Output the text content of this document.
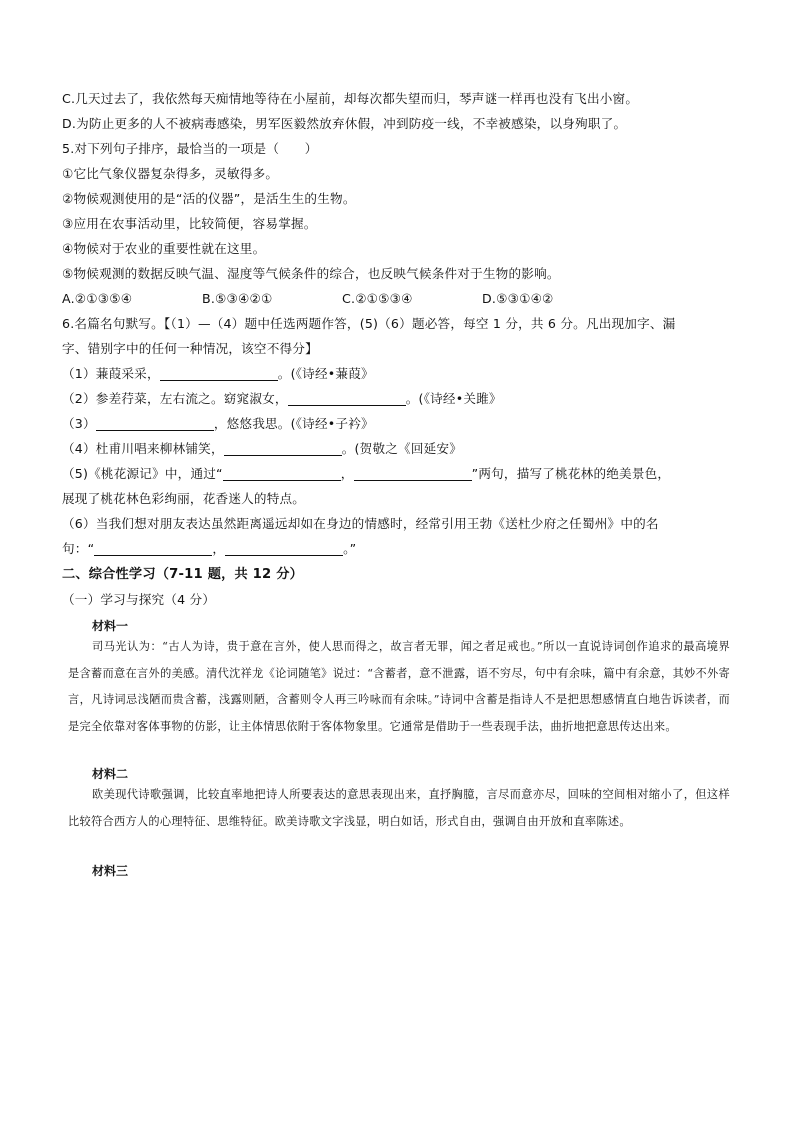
C.几天过去了，我依然每天痴情地等待在小屋前，却每次都失望而归，琴声谜一样再也没有飞出小窗。
D.为防止更多的人不被病毒感染，男军医毅然放弃休假，冲到防疫一线，不幸被感染，以身殉职了。
5.对下列句子排序，最恰当的一项是（　　）
①它比气象仪器复杂得多，灵敏得多。
②物候观测使用的是“活的仪器”，是活生生的生物。
③应用在农事活动里，比较简便，容易掌握。
④物候对于农业的重要性就在这里。
⑤物候观测的数据反映气温、湿度等气候条件的综合，也反映气候条件对于生物的影响。
A.②①③⑤④	B.⑤③④②①	C.②①⑤③④	D.⑤③①④②
6.名篇名句默写。【（1）—（4）题中任选两题作答，(5)（6）题必答，每空 1 分，共 6 分。凡出现加字、漏
字、错别字中的任何一种情况，该空不得分】
（1）蒹葭采采，	。(《诗经•蒹葭》
（2）参差荇菜，左右流之。窈窕淑女，	。(《诗经•关雎》
（3）	，悠悠我思。(《诗经•子衿》
（4）杜甫川唱来柳林铺笑，	。(贺敬之《回延安》
（5)《桃花源记》中，通过“	，	”两句，描写了桃花林的绝美景色，
展现了桃花林色彩绚丽，花香迷人的特点。
（6）当我们想对朋友表达虽然距离遥远却如在身边的情感时，经常引用王勃《送杜少府之任蜀州》中的名
句：“	，	。”
二、综合性学习（7-11 题，共 12 分）
（一）学习与探究（4 分）
材料一
司马光认为：“古人为诗，贵于意在言外，使人思而得之，故言者无罪，闻之者足戒也。”所以一直说诗词创作追求的最高境界是含蓄而意在言外的美感。清代沈祥龙《论词随笔》说过：“含蓄者，意不泄露，语不穷尽，句中有余味，篇中有余意，其妙不外寄言，凡诗词忌浅陋而贵含蓄，浅露则陋，含蓄则令人再三吟咏而有余味。”诗词中含蓄是指诗人不是把思想感情直白地告诉读者，而是完全依靠对客体事物的仿影，让主体情思依附于客体物象里。它通常是借助于一些表现手法，曲折地把意思传达出来。
材料二
欧美现代诗歌强调，比较直率地把诗人所要表达的意思表现出来，直抒胸臆，言尽而意亦尽，回味的空间相对缩小了，但这样比较符合西方人的心理特征、思维特征。欧美诗歌文字浅显，明白如话，形式自由，强调自由开放和直率陈述。
材料三
